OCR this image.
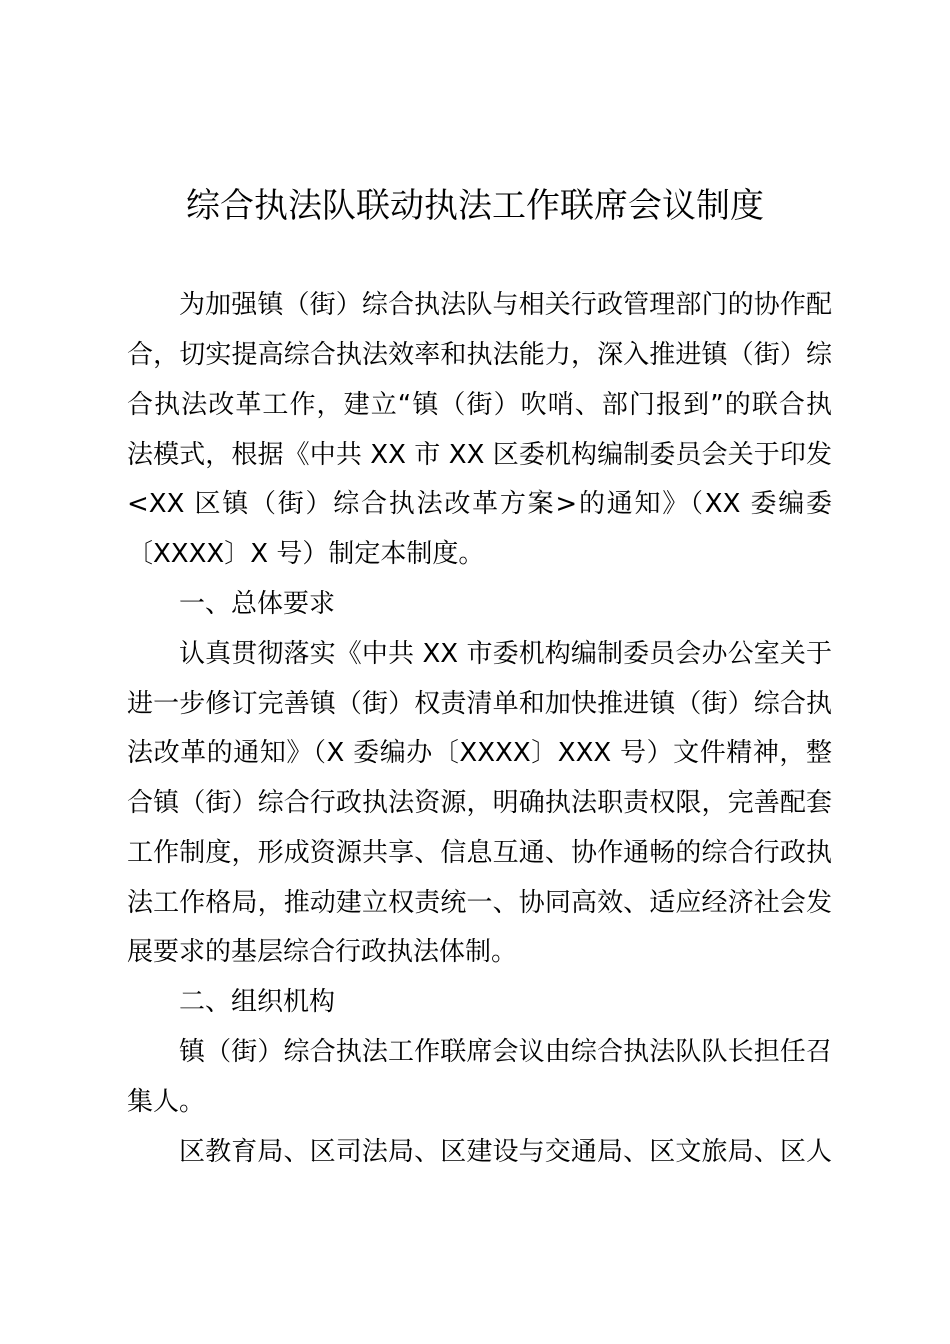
综合执法队联动执法工作联席会议制度
为加强镇（街）综合执法队与相关行政管理部门的协作配
合，切实提高综合执法效率和执法能力，深入推进镇（街）综
合执法改革工作，建立“镇（街）吹哨、部门报到”的联合执
法模式，根据《中共 XX 市 XX 区委机构编制委员会关于印发
<XX 区镇（街）综合执法改革方案>的通知》（XX 委编委
〔XXXX〕X 号）制定本制度。
一、总体要求
认真贯彻落实《中共 XX 市委机构编制委员会办公室关于
进一步修订完善镇（街）权责清单和加快推进镇（街）综合执
法改革的通知》（X 委编办〔XXXX〕XXX 号）文件精神，整
合镇（街）综合行政执法资源，明确执法职责权限，完善配套
工作制度，形成资源共享、信息互通、协作通畅的综合行政执
法工作格局，推动建立权责统一、协同高效、适应经济社会发
展要求的基层综合行政执法体制。
二、组织机构
镇（街）综合执法工作联席会议由综合执法队队长担任召
集人。
区教育局、区司法局、区建设与交通局、区文旅局、区人
